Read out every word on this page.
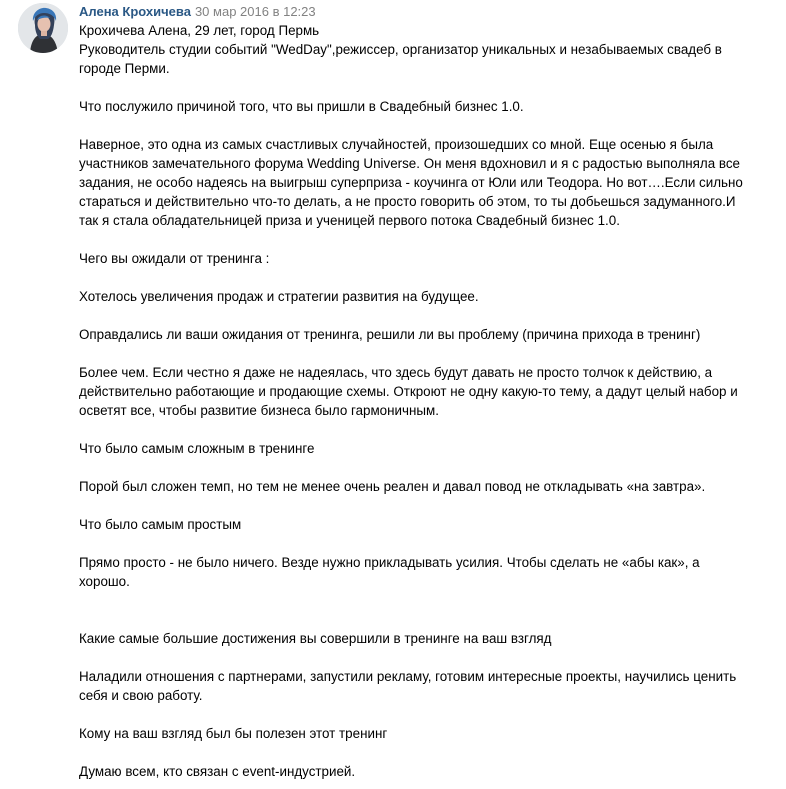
Алена Крохичева 30 мар 2016 в 12:23
Крохичева Алена, 29 лет, город Пермь
Руководитель студии событий "WedDay",режиссер, организатор уникальных и незабываемых свадеб в
городе Перми.
Что послужило причиной того, что вы пришли в Свадебный бизнес 1.0.
Наверное, это одна из самых счастливых случайностей, произошедших со мной. Еще осенью я была
участников замечательного форума Wedding Universe. Он меня вдохновил и я с радостью выполняла все
задания, не особо надеясь на выигрыш суперприза - коучинга от Юли или Теодора. Но вот….Если сильно
стараться и действительно что-то делать, а не просто говорить об этом, то ты добьешься задуманного.И
так я стала обладательницей приза и ученицей первого потока Свадебный бизнес 1.0.
Чего вы ожидали от тренинга :
Хотелось увеличения продаж и стратегии развития на будущее.
Оправдались ли ваши ожидания от тренинга, решили ли вы проблему (причина прихода в тренинг)
Более чем. Если честно я даже не надеялась, что здесь будут давать не просто толчок к действию, а
действительно работающие и продающие схемы. Откроют не одну какую-то тему, а дадут целый набор и
осветят все, чтобы развитие бизнеса было гармоничным.
Что было самым сложным в тренинге
Порой был сложен темп, но тем не менее очень реален и давал повод не откладывать «на завтра».
Что было самым простым
Прямо просто - не было ничего. Везде нужно прикладывать усилия. Чтобы сделать не «абы как», а
хорошо.
Какие самые большие достижения вы совершили в тренинге на ваш взгляд
Наладили отношения с партнерами, запустили рекламу, готовим интересные проекты, научились ценить
себя и свою работу.
Кому на ваш взгляд был бы полезен этот тренинг
Думаю всем, кто связан с event-индустрией.
